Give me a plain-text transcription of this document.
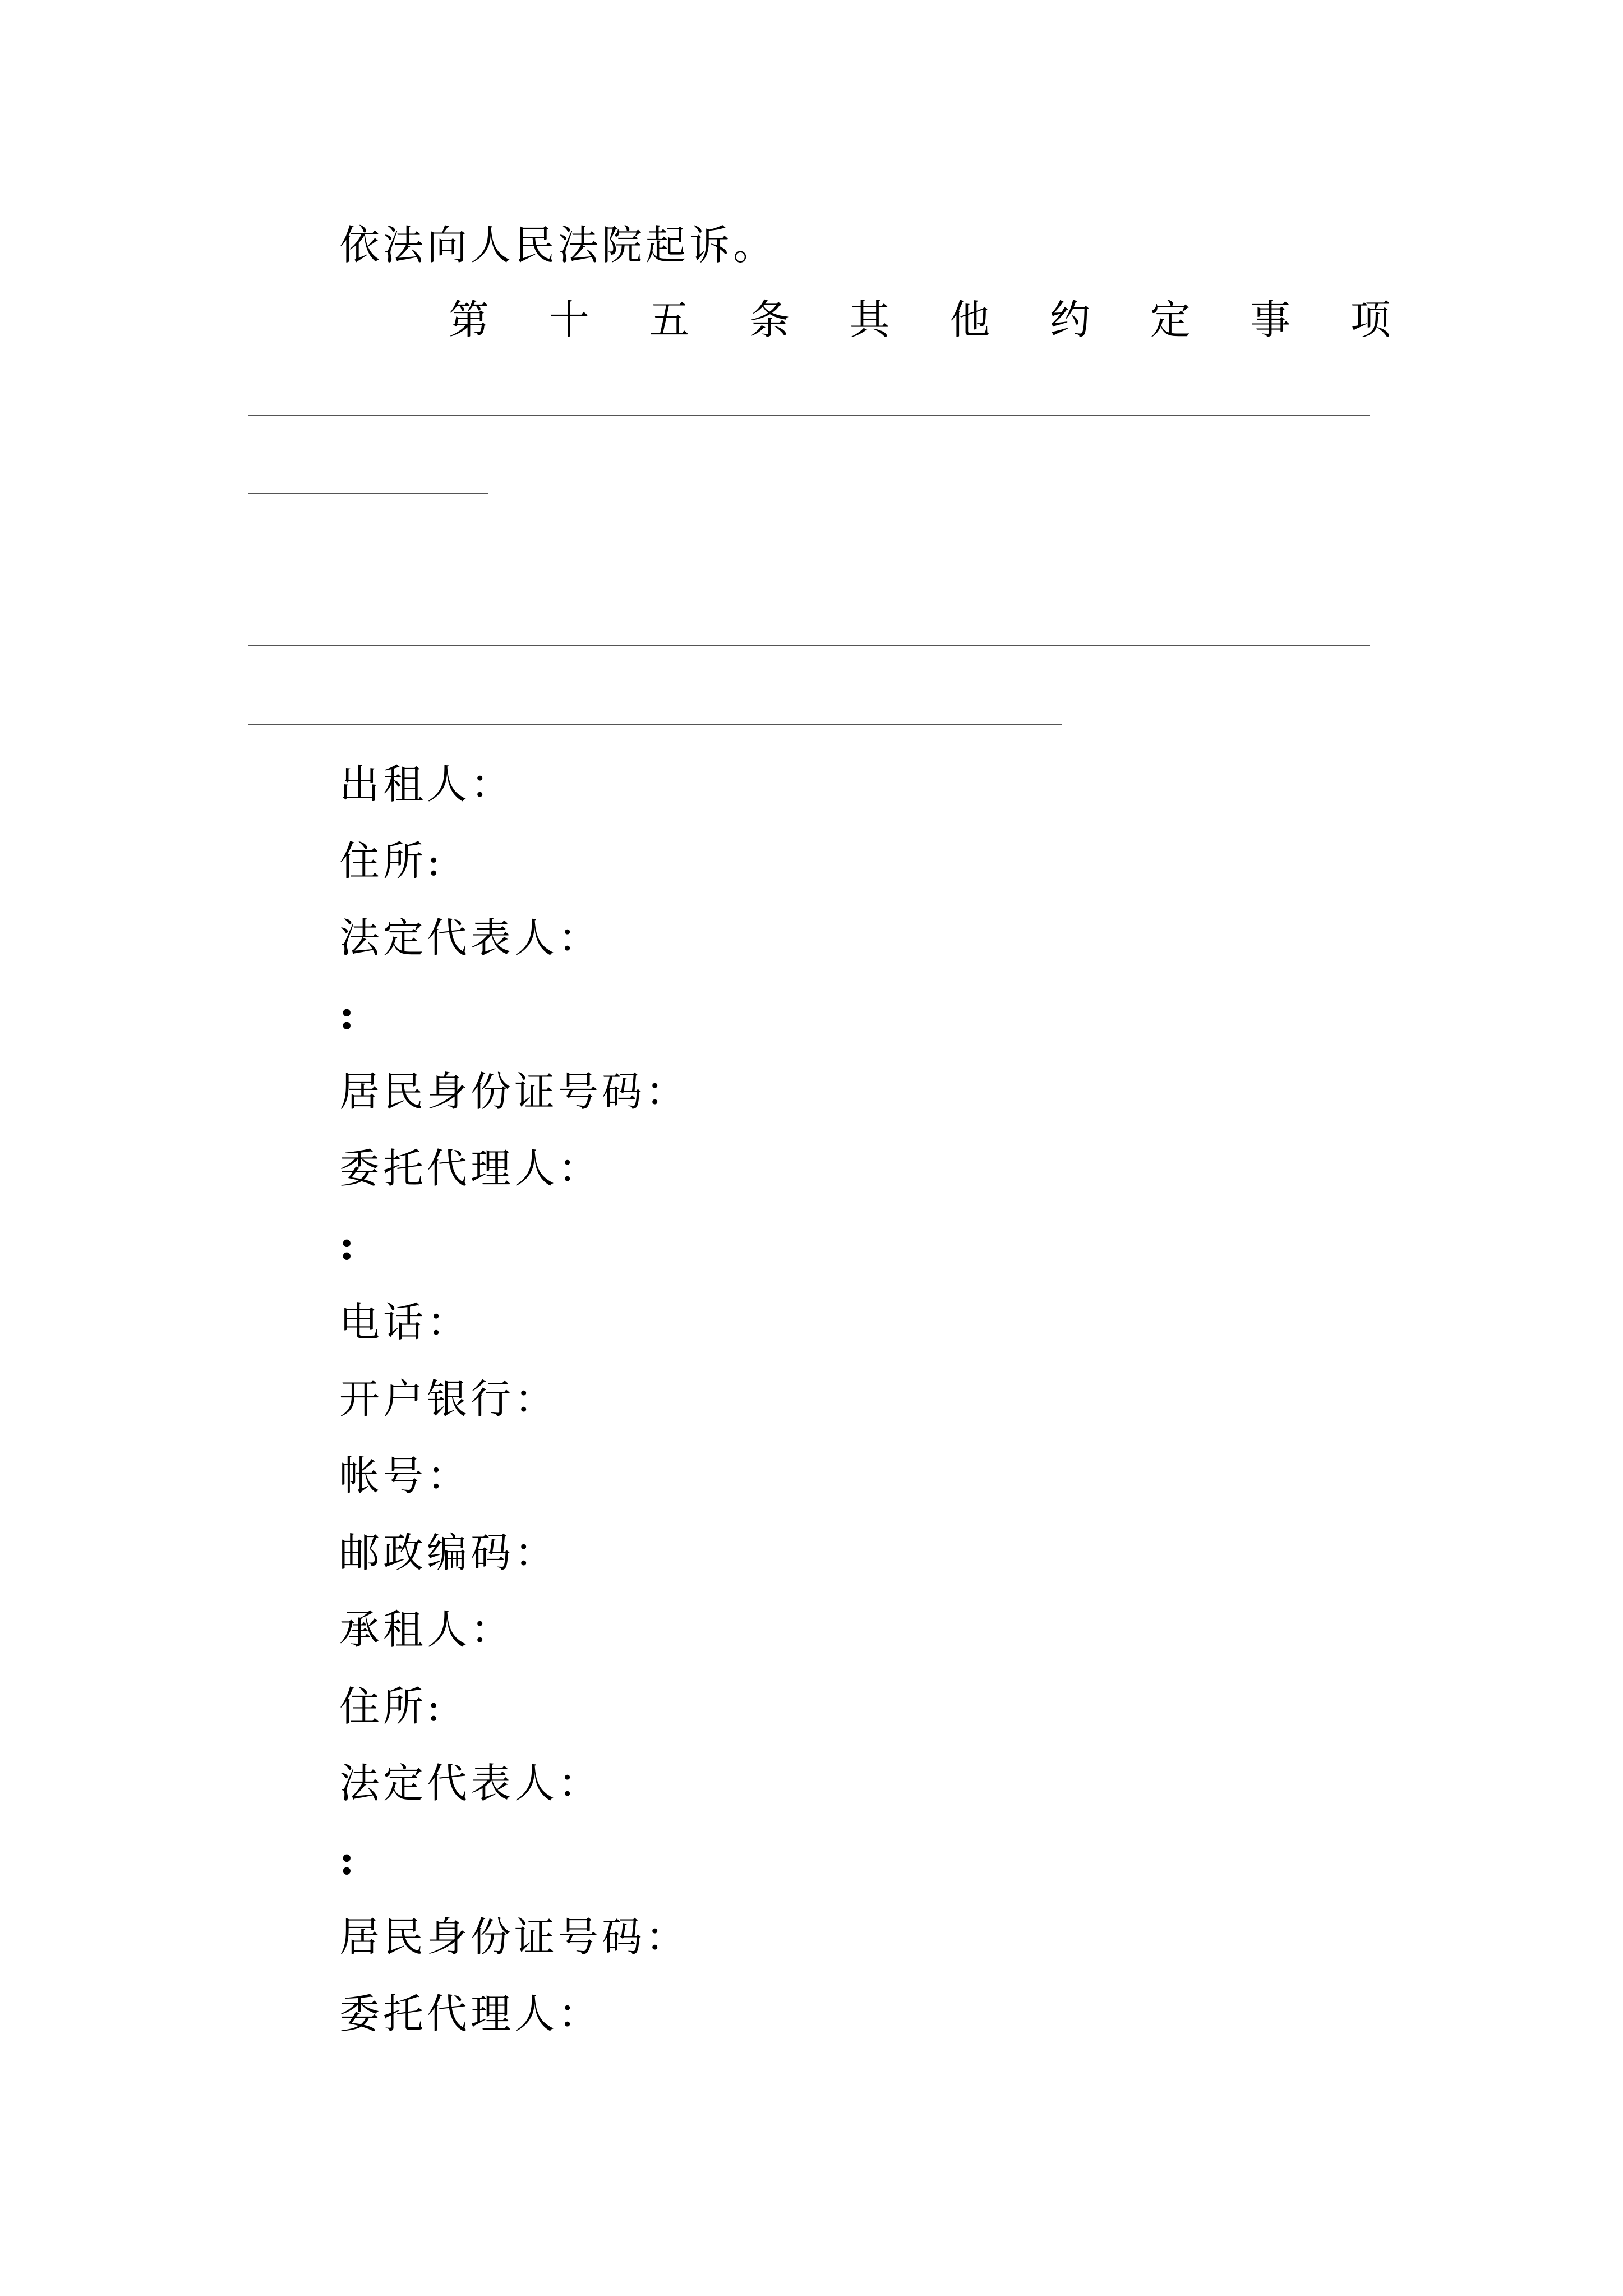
依法向人民法院起诉。
第 十 五 条 其 他 约 定 事 项
出租人：
住所:
法定代表人：
:
居民身份证号码：
委托代理人：
:
电话：
开户银行：
帐号：
邮政编码：
承租人：
住所:
法定代表人：
:
居民身份证号码：
委托代理人：
